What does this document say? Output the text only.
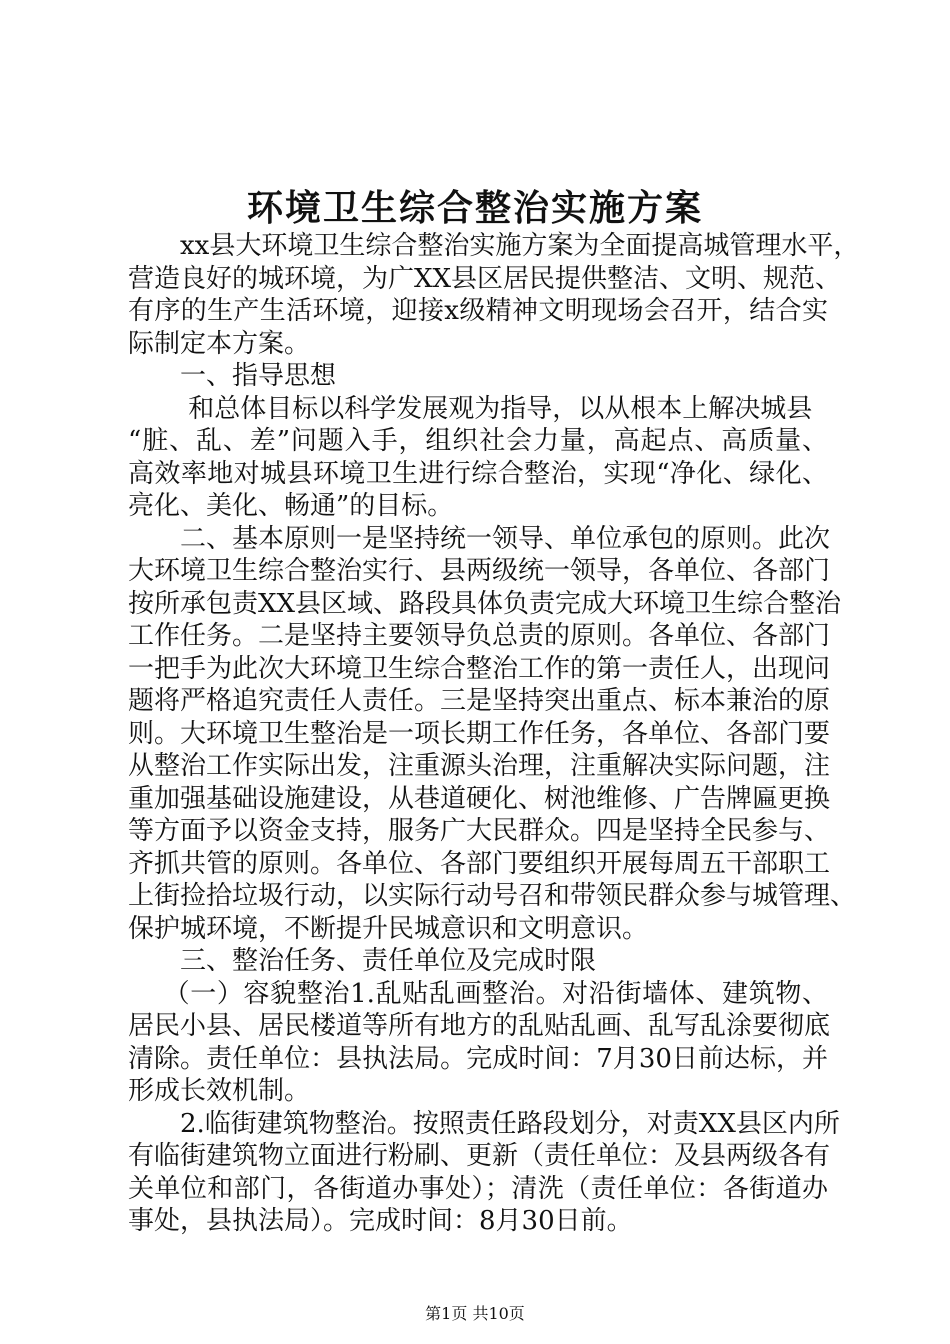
环境卫生综合整治实施方案
　　xx县大环境卫生综合整治实施方案为全面提高城管理水平，
营造良好的城环境，为广XX县区居民提供整洁、文明、规范、
有序的生产生活环境，迎接x级精神文明现场会召开，结合实
际制定本方案。
　　一、指导思想
　　 和总体目标以科学发展观为指导，以从根本上解决城县
“脏、乱、差”问题入手，组织社会力量，高起点、高质量、
高效率地对城县环境卫生进行综合整治，实现“净化、绿化、
亮化、美化、畅通”的目标。
　　二、基本原则一是坚持统一领导、单位承包的原则。此次
大环境卫生综合整治实行、县两级统一领导，各单位、各部门
按所承包责XX县区域、路段具体负责完成大环境卫生综合整治
工作任务。二是坚持主要领导负总责的原则。各单位、各部门
一把手为此次大环境卫生综合整治工作的第一责任人，出现问
题将严格追究责任人责任。三是坚持突出重点、标本兼治的原
则。大环境卫生整治是一项长期工作任务，各单位、各部门要
从整治工作实际出发，注重源头治理，注重解决实际问题，注
重加强基础设施建设，从巷道硬化、树池维修、广告牌匾更换
等方面予以资金支持，服务广大民群众。四是坚持全民参与、
齐抓共管的原则。各单位、各部门要组织开展每周五干部职工
上街捡拾垃圾行动，以实际行动号召和带领民群众参与城管理、
保护城环境，不断提升民城意识和文明意识。
　　三、整治任务、责任单位及完成时限
　 （一）容貌整治1.乱贴乱画整治。对沿街墙体、建筑物、
居民小县、居民楼道等所有地方的乱贴乱画、乱写乱涂要彻底
清除。责任单位：县执法局。完成时间：7月30日前达标，并
形成长效机制。
　　2.临街建筑物整治。按照责任路段划分，对责XX县区内所
有临街建筑物立面进行粉刷、更新（责任单位：及县两级各有
关单位和部门，各街道办事处）；清洗（责任单位：各街道办
事处，县执法局）。完成时间：8月30日前。
第1页 共10页
